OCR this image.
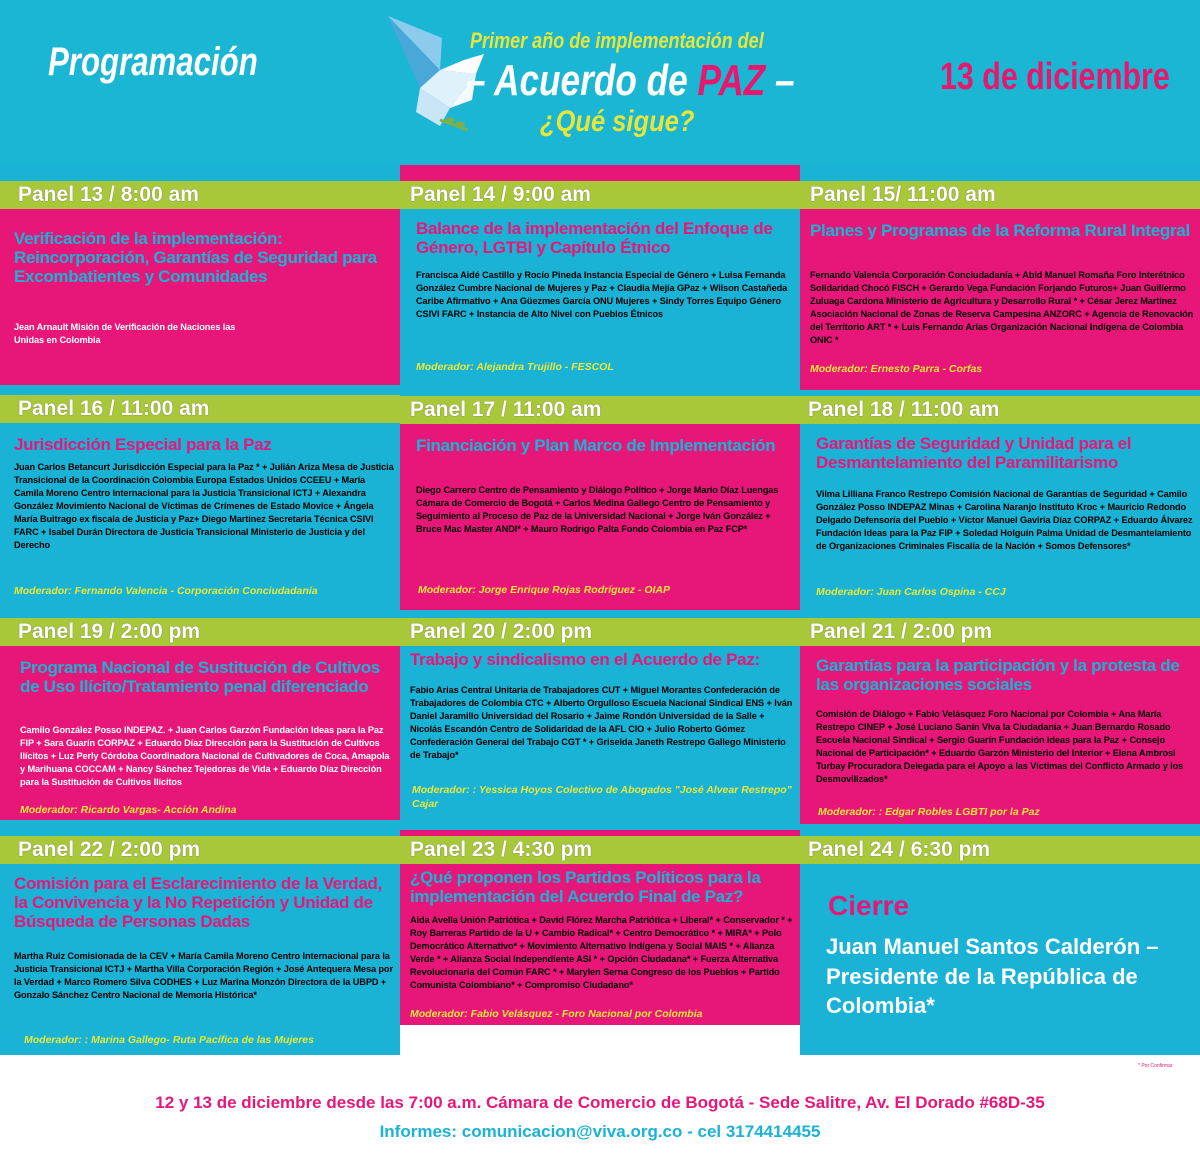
Programación	Primer año de implementación del
– Acuerdo de PAZ –
¿Qué sigue?
13 de diciembre
Panel 13 / 8:00 am
Verificación de la implementación: Reincorporación, Garantías de Seguridad para Excombatientes y Comunidades
Jean Arnault Misión de Verificación de Naciones las Unidas en Colombia
Panel 16 / 11:00 am
Jurisdicción Especial para la Paz
Juan Carlos Betancurt Jurisdicción Especial para la Paz * + Julián Ariza Mesa de Justicia Transicional de la Coordinación Colombia Europa Estados Unidos CCEEU + María Camila Moreno Centro Internacional para la Justicia Transicional ICTJ + Alexandra González Movimiento Nacional de Víctimas de Crímenes de Estado Movice + Ángela María Buitrago ex fiscala de Justicia y Paz+ Diego Martínez Secretaria Técnica CSIVI FARC + Isabel Durán Directora de Justicia Transicional Ministerio de Justicia y del Derecho
Moderador: Fernando Valencia - Corporación Conciudadanía
Panel 19 / 2:00 pm
Programa Nacional de Sustitución de Cultivos de Uso Ilícito/Tratamiento penal diferenciado
Camilo González Posso INDEPAZ. + Juan Carlos Garzón Fundación Ideas para la Paz FIP + Sara Guarín CORPAZ + Eduardo Díaz Dirección para la Sustitución de Cultivos Ilícitos + Luz Perly Córdoba Coordinadora Nacional de Cultivadores de Coca, Amapola y Marihuana COCCAM + Nancy Sánchez Tejedoras de Vida + Eduardo Díaz Dirección para la Sustitución de Cultivos Ilícitos
Moderador: Ricardo Vargas- Acción Andina
Panel 22 / 2:00 pm
Comisión para el Esclarecimiento de la Verdad, la Convivencia y la No Repetición y Unidad de Búsqueda de Personas Dadas
Martha Ruiz Comisionada de la CEV + María Camila Moreno Centro Internacional para la Justicia Transicional ICTJ + Martha Villa Corporación Región + José Antequera Mesa por la Verdad + Marco Romero Silva CODHES + Luz Marina Monzón Directora de la UBPD + Gonzalo Sánchez Centro Nacional de Memoria Histórica*
Moderador: : Marina Gallego- Ruta Pacífica de las Mujeres
Panel 14 / 9:00 am
Balance de la implementación del Enfoque de Género, LGTBI y Capítulo Étnico
Francisca Aidé Castillo y Rocío Pineda Instancia Especial de Género + Luisa Fernanda González Cumbre Nacional de Mujeres y Paz + Claudia Mejía GPaz + Wilson Castañeda Caribe Afirmativo + Ana Güezmes García ONU Mujeres + Sindy Torres Equipo Género CSIVI FARC + Instancia de Alto Nivel con Pueblos Étnicos
Moderador: Alejandra Trujillo - FESCOL
Panel 17 / 11:00 am
Financiación y Plan Marco de Implementación
Diego Carrero Centro de Pensamiento y Diálogo Político + Jorge Mario Díaz Luengas Cámara de Comercio de Bogotá + Carlos Medina Gallego Centro de Pensamiento y Seguimiento al Proceso de Paz de la Universidad Nacional + Jorge Iván González + Bruce Mac Master ANDI* + Mauro Rodrigo Palta Fondo Colombia en Paz FCP*
Moderador: Jorge Enrique Rojas Rodríguez - OIAP
Panel 20 / 2:00 pm
Trabajo y sindicalismo en el Acuerdo de Paz:
Fabio Arias Central Unitaria de Trabajadores CUT + Miguel Morantes Confederación de Trabajadores de Colombia CTC + Alberto Orgulloso Escuela Nacional Sindical ENS + Iván Daniel Jaramillo Universidad del Rosario + Jaime Rondón Universidad de la Salle + Nicolás Escandón Centro de Solidaridad de la AFL CIO + Julio Roberto Gómez Confederación General del Trabajo CGT * + Griselda Janeth Restrepo Gallego Ministerio de Trabajo*
Moderador: : Yessica Hoyos Colectivo de Abogados "José Alvear Restrepo" Cajar
Panel 23 / 4:30 pm
¿Qué proponen los Partidos Políticos para la implementación del Acuerdo Final de Paz?
Aida Avella Unión Patriótica + David Flórez Marcha Patriótica + Liberal* + Conservador * + Roy Barreras Partido de la U + Cambio Radical* + Centro Democrático * + MIRA* + Polo Democrático Alternativo* + Movimiento Alternativo Indígena y Social MAIS * + Alianza Verde * + Alianza Social Independiente ASI * + Opción Ciudadana* + Fuerza Alternativa Revolucionaria del Común FARC * + Marylen Serna Congreso de los Pueblos + Partido Comunista Colombiano* + Compromiso Ciudadano*
Moderador: Fabio Velásquez - Foro Nacional por Colombia
Panel 15/ 11:00 am
Planes y Programas de la Reforma Rural Integral
Fernando Valencia Corporación Conciudadanía + Abid Manuel Romaña Foro Interétnico Solidaridad Chocó FISCH + Gerardo Vega Fundación Forjando Futuros+ Juan Guillermo Zuluaga Cardona Ministerio de Agricultura y Desarrollo Rural * + César Jerez Martínez Asociación Nacional de Zonas de Reserva Campesina ANZORC + Agencia de Renovación del Territorio ART * + Luis Fernando Arias Organización Nacional Indígena de Colombia ONIC *
Moderador: Ernesto Parra - Corfas
Panel 18 / 11:00 am
Garantías de Seguridad y Unidad para el Desmantelamiento del Paramilitarismo
Vilma Lilliana Franco Restrepo Comisión Nacional de Garantías de Seguridad + Camilo González Posso INDEPAZ Minas + Carolina Naranjo Instituto Kroc + Mauricio Redondo Delgado Defensoría del Pueblo + Víctor Manuel Gaviria Díaz CORPAZ + Eduardo Álvarez Fundación Ideas para la Paz FIP + Soledad Holguín Palma Unidad de Desmantelamiento de Organizaciones Criminales Fiscalía de la Nación + Somos Defensores*
Moderador: Juan Carlos Ospina - CCJ
Panel 21 / 2:00 pm
Garantías para la participación y la protesta de las organizaciones sociales
Comisión de Diálogo + Fabio Velásquez Foro Nacional por Colombia + Ana María Restrepo CINEP + José Luciano Sanín Viva la Ciudadanía + Juan Bernardo Rosado Escuela Nacional Sindical + Sergio Guarín Fundación Ideas para la Paz + Consejo Nacional de Participación* + Eduardo Garzón Ministerio del Interior + Elena Ambrosi Turbay Procuradora Delegada para el Apoyo a las Víctimas del Conflicto Armado y los Desmovilizados*
Moderador: : Edgar Robles LGBTI por la Paz
Panel 24 / 6:30 pm
Cierre
Juan Manuel Santos Calderón – Presidente de la República de Colombia*
* Por Confirmar
12 y 13 de diciembre desde las 7:00 a.m. Cámara de Comercio de Bogotá - Sede Salitre, Av. El Dorado #68D-35
Informes: comunicacion@viva.org.co - cel 3174414455
